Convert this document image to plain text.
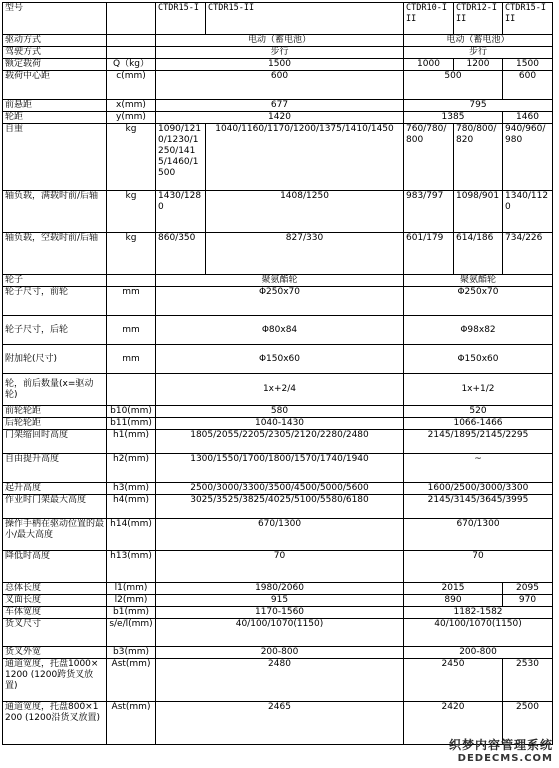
型号		CTDR15-I	CTDR15-II	CTDR10-III	CTDR12-III	CTDR15-III
驱动方式		电动（蓄电池）		电动（蓄电池）		
驾驶方式		步行		步行		
额定载荷	Q（kg）	1500		1000	1200	1500
载荷中心距	c(mm)	600		500		600
前悬距	x(mm)	677		795		
轮距	y(mm)	1420		1385		1460
自重	kg	1090/1210/1230/1250/1415/1460/1500	1040/1160/1170/1200/1375/1410/1450	760/780/800	780/800/820	940/960/980
轴负载，满载时前/后轴	kg	1430/1280	1408/1250	983/797	1098/901	1340/1120
轴负载，空载时前/后轴	kg	860/350	827/330	601/179	614/186	734/226
轮子		聚氨酯轮		聚氨酯轮		
轮子尺寸，前轮	mm	Φ250x70		Φ250x70		
轮子尺寸，后轮	mm	Φ80x84		Φ98x82		
附加轮(尺寸)	mm	Φ150x60		Φ150x60		
轮，前后数量(x=驱动轮)		1x+2/4		1x+1/2		
前轮轮距	b10(mm)	580		520		
后轮轮距	b11(mm)	1040-1430		1066-1466		
门架缩回时高度	h1(mm)	1805/2055/2205/2305/2120/2280/2480		2145/1895/2145/2295		
自由提升高度	h2(mm)	1300/1550/1700/1800/1570/1740/1940		~		
起升高度	h3(mm)	2500/3000/3300/3500/4500/5000/5600		1600/2500/3000/3300		
作业时门架最大高度	h4(mm)	3025/3525/3825/4025/5100/5580/6180		2145/3145/3645/3995		
操作手柄在驱动位置的最小/最大高度	h14(mm)	670/1300		670/1300		
降低时高度	h13(mm)	70		70		
总体长度	l1(mm)	1980/2060		2015		2095
叉面长度	l2(mm)	915		890		970
车体宽度	b1(mm)	1170-1560		1182-1582		
货叉尺寸	s/e/l(mm)	40/100/1070(1150)		40/100/1070(1150)		
货叉外宽	b3(mm)	200-800		200-800		
通道宽度，托盘1000×1200 (1200跨货叉放置)	Ast(mm)	2480		2450		2530
通道宽度，托盘800×1200 (1200沿货叉放置)	Ast(mm)	2465		2420		2500
织梦内容管理系统
DEDECMS.COM
